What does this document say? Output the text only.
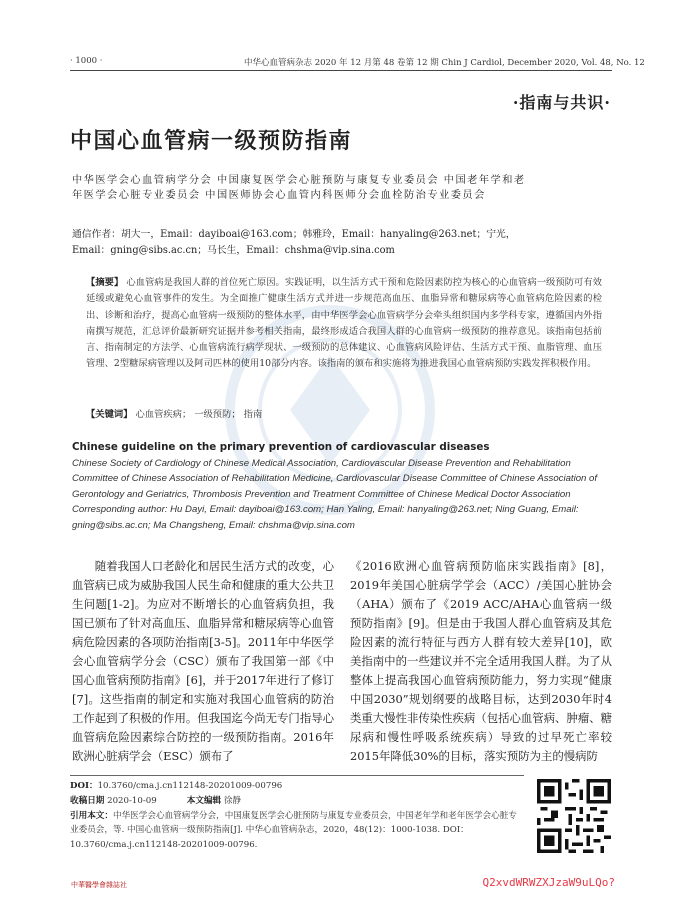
· 1000 ·	中华心血管病杂志 2020 年 12 月第 48 卷第 12 期 Chin J Cardiol, December 2020, Vol. 48, No. 12
·指南与共识·
中国心血管病一级预防指南
中华医学会心血管病学分会 中国康复医学会心脏预防与康复专业委员会 中国老年学和老年医学会心脏专业委员会 中国医师协会心血管内科医师分会血栓防治专业委员会
通信作者：胡大一，Email：dayiboai@163.com；韩雅玲，Email：hanyaling@263.net；宁光，Email：gning@sibs.ac.cn；马长生，Email：chshma@vip.sina.com
【摘要】 心血管病是我国人群的首位死亡原因。实践证明，以生活方式干预和危险因素防控为核心的心血管病一级预防可有效延缓或避免心血管事件的发生。为全面推广健康生活方式并进一步规范高血压、血脂异常和糖尿病等心血管病危险因素的检出、诊断和治疗，提高心血管病一级预防的整体水平，由中华医学会心血管病学分会牵头组织国内多学科专家，遵循国内外指南撰写规范，汇总评价最新研究证据并参考相关指南，最终形成适合我国人群的心血管病一级预防的推荐意见。该指南包括前言、指南制定的方法学、心血管病流行病学现状、一级预防的总体建议、心血管病风险评估、生活方式干预、血脂管理、血压管理、2型糖尿病管理以及阿司匹林的使用10部分内容。该指南的颁布和实施将为推进我国心血管病预防实践发挥积极作用。
【关键词】 心血管疾病； 一级预防； 指南
Chinese guideline on the primary prevention of cardiovascular diseases
Chinese Society of Cardiology of Chinese Medical Association, Cardiovascular Disease Prevention and Rehabilitation Committee of Chinese Association of Rehabilitation Medicine, Cardiovascular Disease Committee of Chinese Association of Gerontology and Geriatrics, Thrombosis Prevention and Treatment Committee of Chinese Medical Doctor Association
Corresponding author: Hu Dayi, Email: dayiboai@163.com; Han Yaling, Email: hanyaling@263.net; Ning Guang, Email: gning@sibs.ac.cn; Ma Changsheng, Email: chshma@vip.sina.com

随着我国人口老龄化和居民生活方式的改变，心血管病已成为威胁我国人民生命和健康的重大公共卫生问题[1-2]。为应对不断增长的心血管病负担，我国已颁布了针对高血压、血脂异常和糖尿病等心血管病危险因素的各项防治指南[3-5]。2011年中华医学会心血管病学分会（CSC）颁布了我国第一部《中国心血管病预防指南》[6]，并于2017年进行了修订[7]。这些指南的制定和实施对我国心血管病的防治工作起到了积极的作用。但我国迄今尚无专门指导心血管病危险因素综合防控的一级预防指南。2016年欧洲心脏病学会（ESC）颁布了

《2016欧洲心血管病预防临床实践指南》[8]，2019年美国心脏病学学会（ACC）/美国心脏协会（AHA）颁布了《2019 ACC/AHA心血管病一级预防指南》[9]。但是由于我国人群心血管病及其危险因素的流行特征与西方人群有较大差异[10]，欧美指南中的一些建议并不完全适用我国人群。为了从整体上提高我国心血管病预防能力，努力实现“健康中国2030”规划纲要的战略目标，达到2030年时4类重大慢性非传染性疾病（包括心血管病、肿瘤、糖尿病和慢性呼吸系统疾病）导致的过早死亡率较2015年降低30%的目标，落实预防为主的慢病防

DOI：10.3760/cma.j.cn112148-20201009-00796
收稿日期 2020-10-09	本文编辑 徐静
引用本文：中华医学会心血管病学分会，中国康复医学会心脏预防与康复专业委员会，中国老年学和老年医学会心脏专业委员会，等. 中国心血管病一级预防指南[J]. 中华心血管病杂志，2020，48(12)：1000-1038. DOI：10.3760/cma.j.cn112148-20201009-00796.
中華醫學會雜誌社	Q2xvdWRWZXJzaW9uLQo?
